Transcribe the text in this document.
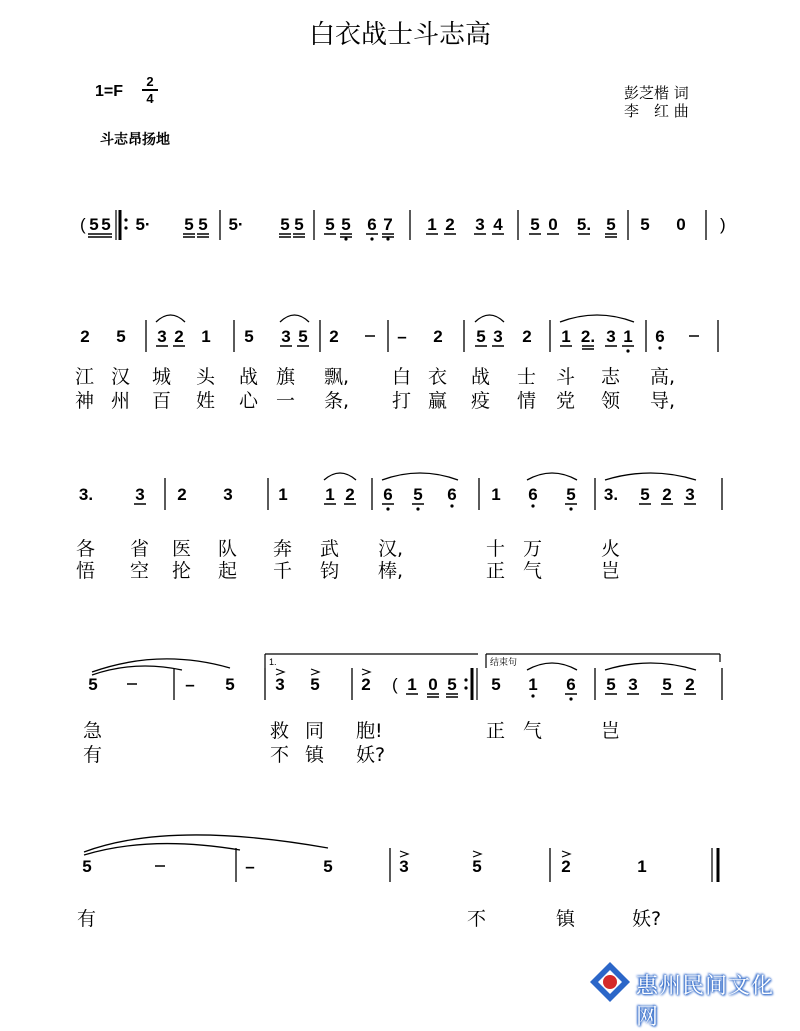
白衣战士斗志高
1=F
2
4	彭芝楷 词
李　红 曲
斗志昂扬地
( 5 5 5· 5 5 5· 5 5 5 5 6 7 1 2 3 4 5 0 5. 5 5 0 )
2 5 3 2 1 5 3 5 2	– 2 5 3 2 1 2. 3 1 6
3. 3 2 3	1 1 2 6 5 6 1 6 5 3. 5 2 3
5	– 5
1.
3 5 2 ( 1 0 5
结束句
5 1 6 5 3 5 2
5	–	5	3	5	2	1
江 汉 城 头 战 旗 飘, 白 衣 战 士 斗 志 高,
神 州 百 姓 心 一 条, 打 赢 疫 情 党 领 导,
各 省 医 队 奔 武 汉,	十 万	火
悟 空 抡 起 千 钧 棒,	正 气	岂
急	救 同 胞!	正 气	岂
有	不 镇 妖?
有	不	镇	妖?
惠州民间文化网
